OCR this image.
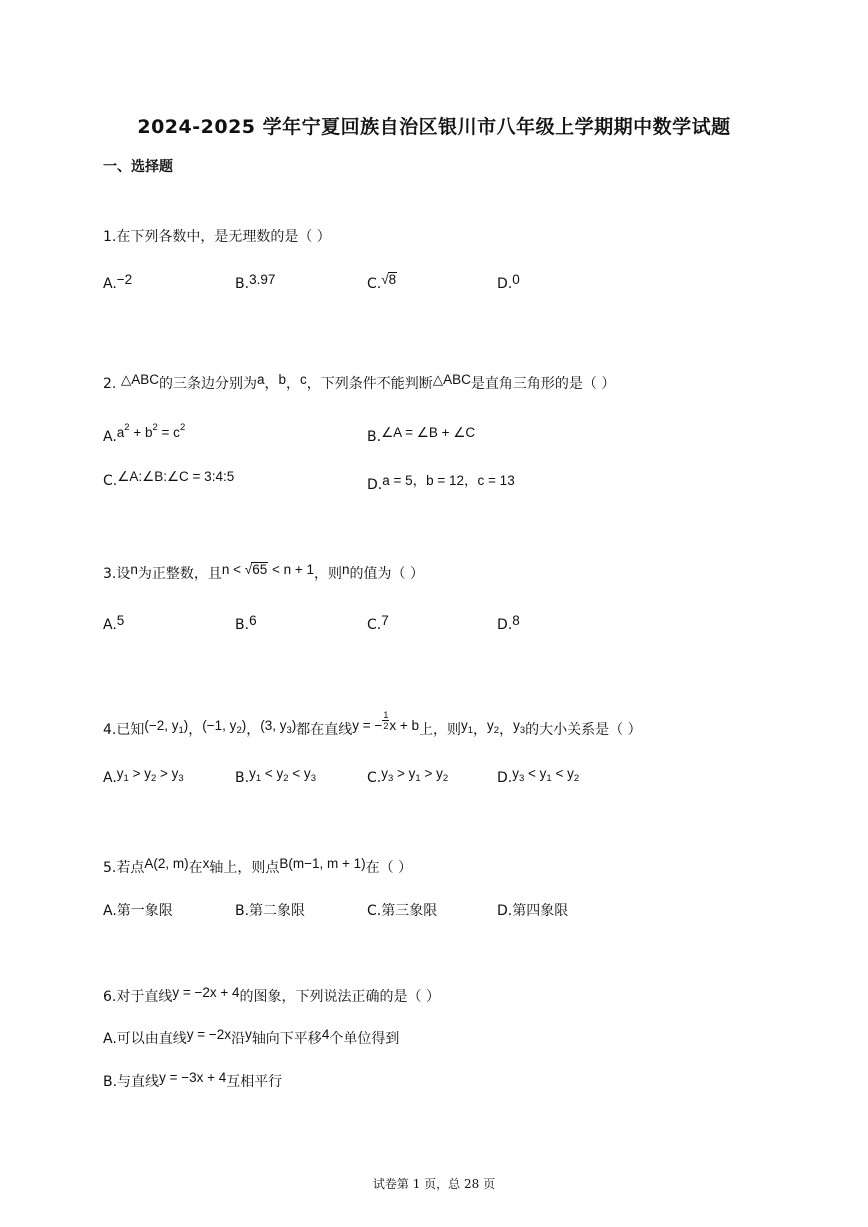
2024-2025 学年宁夏回族自治区银川市八年级上学期期中数学试题
一、选择题
1.在下列各数中，是无理数的是（ ）
A.−2	B.3.97	C.√8	D.0
2. △ABC的三条边分别为a，b，c，下列条件不能判断△ABC是直角三角形的是（ ）
$A.a^2 + b^2 = c^2$
B.∠A = ∠B + ∠C
C.∠A:∠B:∠C = 3:4:5
D.a = 5，b = 12，c = 13
3.设n为正整数，且n < √65 < n + 1，则n的值为（ ）
A.5	B.6	C.7	D.8
4.已知(−2, $y_1$)，(−1, $y_2$)，(3, $y_3$)都在直线y = − $\frac{1}{2}$ x + b上，则$y_1$，$y_2$，$y_3$的大小关系是（ ）
$A.y_1 > y_2 > y_3$	$B.y_1 < y_2 < y_3$	$C.y_3 > y_1 > y_2$	$D.y_3 < y_1 < y_2$
5.若点A(2, m)在x轴上，则点B(m−1, m + 1)在（ ）
A.第一象限	B.第二象限	C.第三象限	D.第四象限
6.对于直线y = −2x + 4的图象，下列说法正确的是（ ）
A.可以由直线y = −2x沿y轴向下平移4个单位得到
B.与直线y = −3x + 4互相平行
试卷第 1 页，总 28 页
